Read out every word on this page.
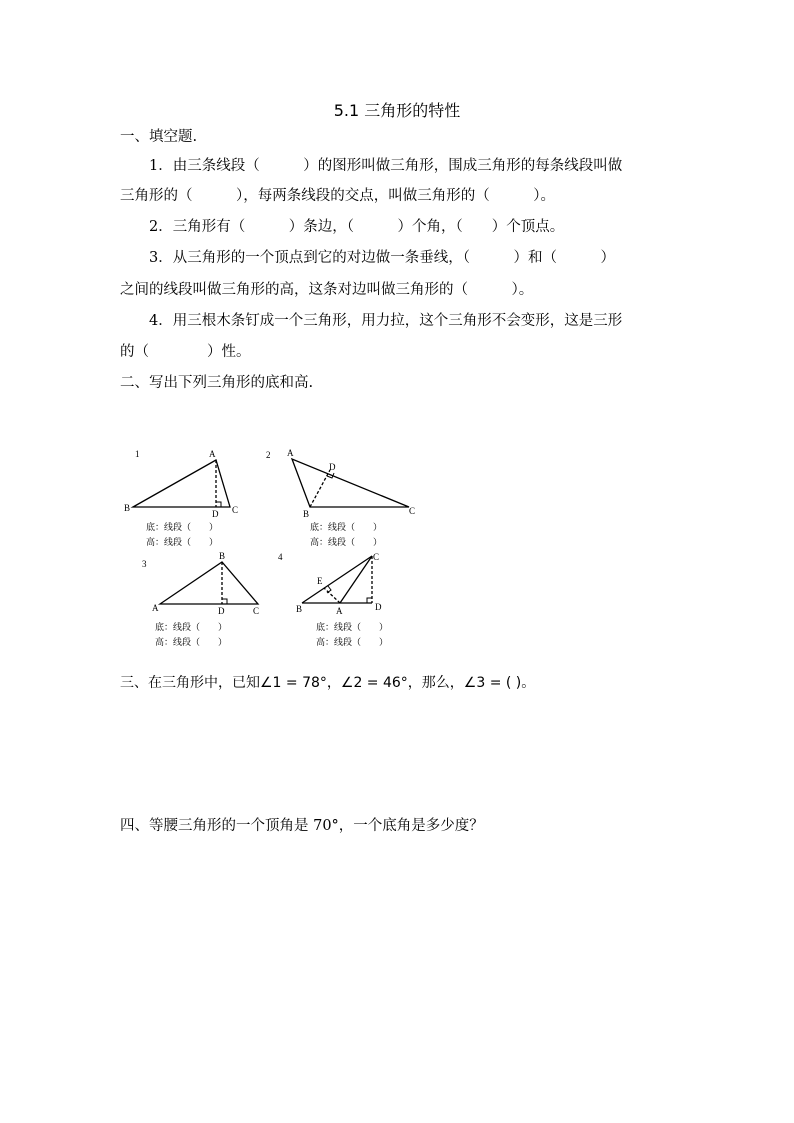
5.1 三角形的特性
一、填空题.
1．由三条线段（　　　）的图形叫做三角形，围成三角形的每条线段叫做
三角形的（　　　），每两条线段的交点，叫做三角形的（　　　）。
2．三角形有（　　　）条边，（　　　）个角，（　　）个顶点。
3．从三角形的一个顶点到它的对边做一条垂线，（　　　）和（　　　）
之间的线段叫做三角形的高，这条对边叫做三角形的（　　　）。
4．用三根木条钉成一个三角形，用力拉，这个三角形不会变形，这是三形
的（　　　　）性。
二、写出下列三角形的底和高.
1	A
B	C
D
底：线段（　　）
高：线段（　　）
2 A
B	C
D
底：线段（　　）
高：线段（　　）
3
A
B
C
D
底：线段（　　）
高：线段（　　）
4
A
B
C
D
E
底：线段（　　）
高：线段（　　）
三、在三角形中，已知∠1 = 78°，∠2 = 46°，那么，∠3 = ( )。
四、等腰三角形的一个顶角是 70°，一个底角是多少度？
